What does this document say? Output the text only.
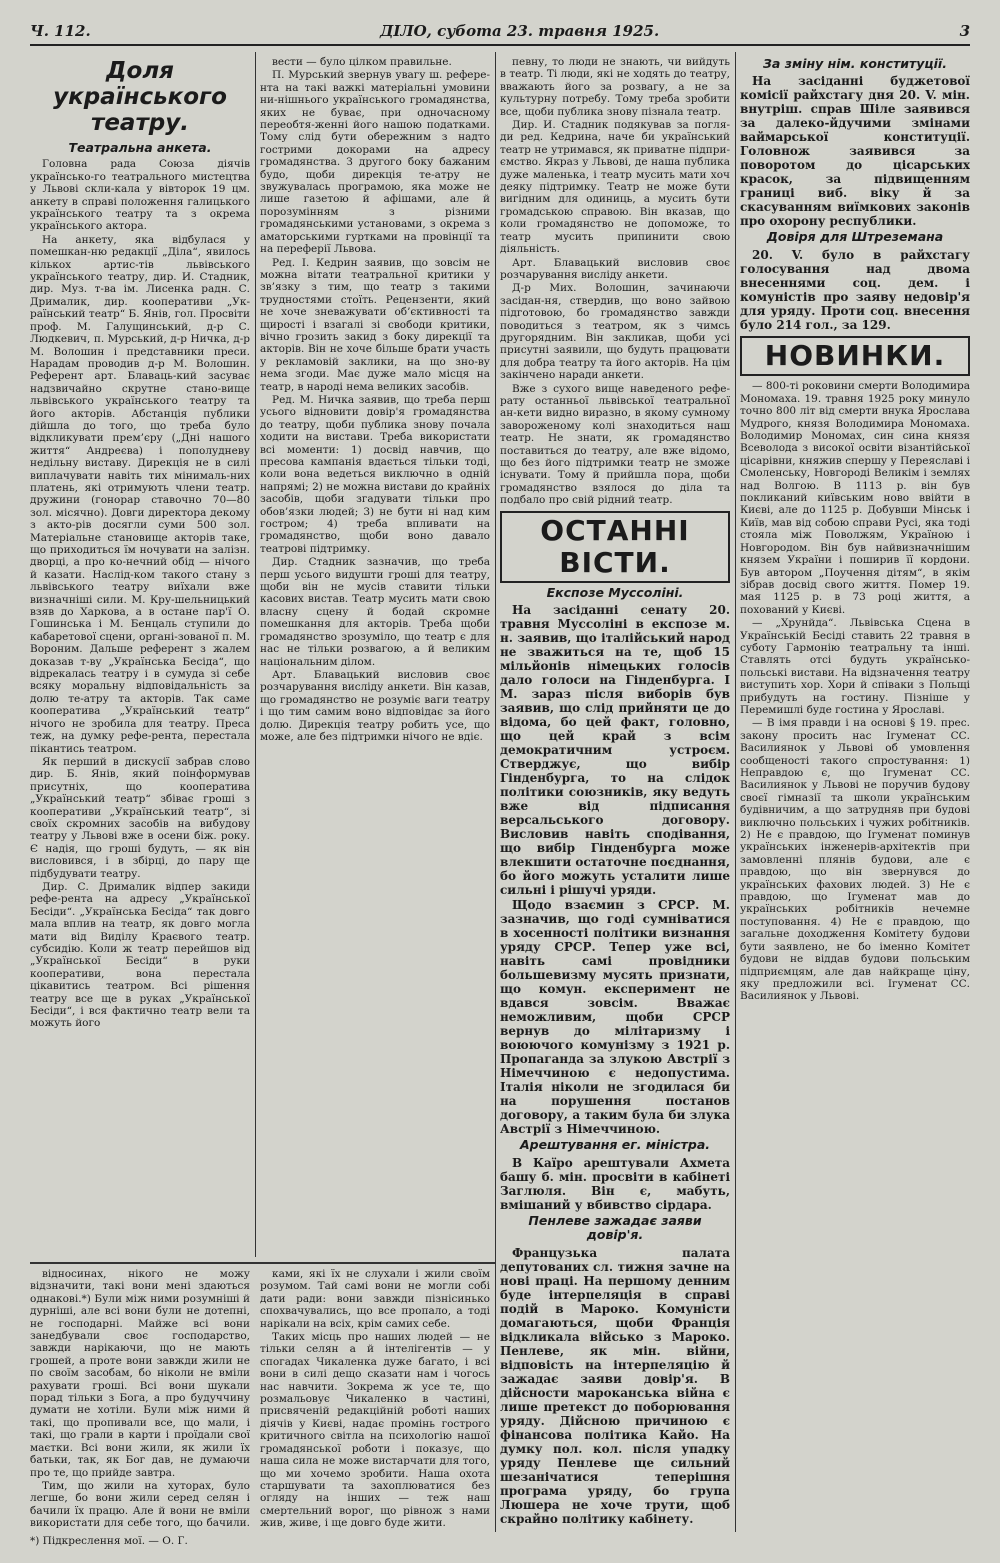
Ч. 112.	ДІЛО, субота 23. травня 1925.	3
Доля українського театру.
Театральна анкета.

Головна рада Союза діячів українсько-го театрального мистецтва у Львові скли-кала у вівторок 19 цм. анкету в справі положення галицького українського театру та з окрема українського актора.

На анкету, яка відбулася у помешкан-ню редакції „Діла“, явилось кількох артис-тів львівського українського театру, дир. И. Стадник, дир. Муз. т-ва ім. Лисенка радн. С. Дрималик, дир. кооперативи „Ук-раїнський театр“ Б. Янів, гол. Просвіти проф. М. Галущинський, д-р С. Людкевич, п. Мурський, д-р Ничка, д-р М. Волошин і представники преси. Нарадам проводив д-р М. Волошин. Референт арт. Блаваць-кий засуває надзвичайно скрутне стано-вище львівського українського театру та його акторів. Абстанція публики дійшла до того, що треба було відкликувати прем’єру („Дні нашого життя“ Андреєва) і пополудневу недільну виставу. Дирекція не в силі виплачувати навіть тих мінималь-них платень, які отримують члени театр. дружини (гонорар ставочно 70—80 зол. місячно). Довги директора декому з акто-рів досягли суми 500 зол. Матеріальне становище акторів таке, що приходиться їм ночувати на залізн. дворці, а про ко-нечний обід — нічого й казати. Наслід-ком такого стану з львівського театру виїхали вже визначніші сили. М. Кру-шельницький взяв до Харкова, а в остане пар'ї О. Гошинська і М. Бенцаль ступили до кабаретової сцени, органі-зованої п. М. Вороним. Дальше референт з жалем доказав т-ву „Українська Бесіда“, що відрекалась театру і в сумуда зі себе всяку моральну відповідальність за долю те-атру та акторів. Так саме кооператива „Український театр“ нічого не зробила для театру. Преса теж, на думку рефе-рента, перестала пікантись театром.

Як перший в дискусії забрав слово дир. Б. Янів, який поінформував присутніх, що кооператива „Український театр“ збіває гроші з кооперативи „Український театр“, зі своїх скромних засобів на вибудову театру у Львові вже в осени біж. року. Є надія, що гроші будуть, — як він висловився, і в збірці, до пару ще підбудувати театру.

Дир. С. Дрималик відпер закиди рефе-рента на адресу „Української Бесіди“. „Українська Бесіда“ так довго мала вплив на театр, як довго могла мати від Виділу Краєвого театр. субсидію. Коли ж театр перейшов від „Української Бесіди“ в руки кооперативи, вона перестала цікавитись театром. Всі рішення театру все ще в руках „Української Бесіди“, і вся фактично театр вели та можуть його

вести — було цілком правильне.

П. Мурський звернув увагу ш. рефере-нта на такі важкі матеріальні умовини ни-нішнього українського громадянства, яких не буває, при одночасному переобтя-женні його нашою податками. Тому слід бути обережним з надто гострими докорами на адресу громадянства. З другого боку бажаним будо, щоби дирекція те-атру не звужувалась програмою, яка може не лише газетою й афішами, але й порозумінням з різними громадянськими установами, з окрема з аматорськими гуртками на провінції та на переферії Львова.

Ред. І. Кедрин заявив, що зовсім не можна вітати театральної критики у зв’язку з тим, що театр з такими трудностями стоїть. Рецензенти, який не хоче зневажувати об’єктивності та щирості і взагалі зі свободи критики, вічно грозить закид з боку дирекції та акторів. Він не хоче більше брати участь у рекламовій заклики, на що зно-ву нема згоди. Має дуже мало місця на театр, в народі нема великих засобів.

Ред. М. Ничка заявив, що треба перш усього відновити довір'я громадянства до театру, щоби публика знову почала ходити на вистави. Треба використати всі моменти: 1) досвід навчив, що пресова кампанія вдається тільки тоді, коли вона ведеться виключно в одній напрямі; 2) не можна вистави до крайніх засобів, щоби згадувати тільки про обов’язки людей; 3) не бути ні над ким гостром; 4) треба впливати на громадянство, щоби воно давало театрові підтримку.

Дир. Стадник зазначив, що треба перш усього видушти гроші для театру, щоби він не мусів ставити тільки касових вистав. Театр мусить мати свою власну сцену й бодай скромне помешкання для акторів. Треба щоби громадянство зрозуміло, що театр є для нас не тільки розвагою, а й великим національним ділом.

Арт. Блавацький висловив своє розчарування висліду анкети. Він казав, що громадянство не розуміє ваги театру і що тим самим воно відповідає за його долю. Дирекція театру робить усе, що може, але без підтримки нічого не вдіє.

певну, то люди не знають, чи вийдуть в театр. Ті люди, які не ходять до театру, вважають його за розвагу, а не за культурну потребу. Тому треба зробити все, щоби публика знову пізнала театр.

Дир. И. Стадник подякував за погля-ди ред. Кедрина, наче би український театр не утримався, як приватне підпри-ємство. Якраз у Львові, де наша публика дуже маленька, і театр мусить мати хоч деяку підтримку. Театр не може бути вигідним для одиниць, а мусить бути громадською справою. Він вказав, що коли громадянство не допоможе, то театр мусить припинити свою діяльність.

Арт. Блавацький висловив своє розчарування висліду анкети.

Д-р Мих. Волошин, зачинаючи засідан-ня, ствердив, що воно зайвою підготовою, бо громадянство завжди поводиться з театром, як з чимсь другорядним. Він закликав, щоби усі присутні заявили, що будуть працювати для добра театру та його акторів. На цім закінчено наради анкети.

Вже з сухого вище наведеного рефе-рату останньої львівської театральної ан-кети видно виразно, в якому сумному завороженому колі знаходиться наш театр. Не знати, як громадянство поставиться до театру, але вже відомо, що без його підтримки театр не зможе існувати. Тому й прийшла пора, щоби громадянство взялося до діла та подбало про свій рідний театр.

ОСТАННІ ВІСТИ.
Експозе Муссоліні.

На засіданні сенату 20. травня Муссоліні в експозе м. н. заявив, що італійський народ не зважиться на те, щоб 15 мільйонів німецьких голосів дало голоси на Гінденбурга. І М. зараз після виборів був заявив, що слід прийняти це до відома, бо цей факт, головно, що цей край з всім демократичним устроєм. Стверджує, що вибір Гінденбурга, то на слідок політики союзників, яку ведуть вже від підписання версальського договору. Висловив навіть сподівання, що вибір Гінденбурга може влекшити остаточне поєднання, бо його можуть усталити лише сильні і рішучі уряди.

Щодо взаємин з СРСР. М. зазначив, що годі сумніватися в хосенності політики визнання уряду СРСР. Тепер уже всі, навіть самі провідники большевизму мусять признати, що комун. експеримент не вдався зовсім. Вважає неможливим, щоби СРСР вернув до мілітаризму і воюючого комунізму з 1921 р. Пропаганда за злукою Австрії з Німеччиною є недопустима. Італія ніколи не згодилася би на порушення постанов договору, а таким була би злука Австрії з Німеччиною.

Арештування ег. міністра.

В Каїро арештували Ахмета башу б. мін. просвіти в кабінеті Заглюля. Він є, мабуть, вмішаний у вбивство сірдара.

Пенлеве зажадає заяви довір'я.

Французька палата депутованих сл. тижня зачне на нові праці. На першому денним буде інтерпеляція в справі подій в Мароко. Комуністи домагаються, щоби Франція відкликала військо з Мароко. Пенлеве, як мін. війни, відповість на інтерпеляцію й зажадає заяви довір'я. В дійсности мароканська війна є лише претекст до поборювання уряду. Дійсною причиною є фінансова політика Кайо. На думку пол. кол. після упадку уряду Пенлеве ще сильний шезанічатися теперішня програма уряду, бо група Люшера не хоче трути, щоб скрайно політику кабінету.

За зміну нім. конституції.

На засіданні буджетової комісії райхстагу дня 20. V. мін. внутріш. справ Шіле заявився за далеко-йдучими змінами ваймарської конституції. Головнож заявився за поворотом до цісарських красок, за підвищенням границі виб. віку й за скасуванням виїмкових законів про охорону республики.

Довіря для Штреземана

20. V. було в райхстагу голосування над двома внесеннями соц. дем. і комуністів про заяву недовір'я для уряду. Проти соц. внесення було 214 гол., за 129.

НОВИНКИ.

— 800-ті роковини смерти Володимира Мономаха. 19. травня 1925 року минуло точно 800 літ від смерти внука Ярослава Мудрого, князя Володимира Мономаха. Володимир Мономах, син сина князя Всеволода з високої освіти візантійської цісарівни, княжив спершу у Переяславі і Смоленську, Новгороді Великім і землях над Волгою. В 1113 р. він був покликаний київським ново ввійти в Києві, але до 1125 р. Добувши Мінськ і Київ, мав від собою справи Русі, яка тоді стояла між Поволжям, Україною і Новгородом. Він був найвизначнішим князем України і поширив її кордони. Був автором „Поучення дітям“, в якім зібрав досвід свого життя. Помер 19. мая 1125 р. в 73 році життя, а похований у Києві.

— „Хрунйда“. Львівська Сцена в Українській Бесіді ставить 22 травня в суботу Гармонію театральну та інші. Ставлять отсі будуть українсько-польські вистави. На відзначення театру виступить хор. Хори й співаки з Польщі прибудуть на гостину. Пізніше у Перемишлі буде гостина у Ярославі.

— В імя правди і на основі § 19. прес. закону просить нас Ігуменат СС. Василиянок у Львові об умовлення сообщеності такого спростування: 1) Неправдою є, що Ігуменат СС. Василиянок у Львові не поручив будову своєї гімназії та школи українським будівничим, а що затрудняв при будові виключно польських і чужих робітників. 2) Не є правдою, що Ігуменат поминув українських інженерів-архітектів при замовленні плянів будови, але є правдою, що він звернувся до українських фахових людей. 3) Не є правдою, що Ігуменат мав до українських робітників нечемне поступовання. 4) Не є правдою, що загальне доходження Комітету будови бути заявлено, не бо іменно Комітет будови не віддав будови польським підприємцям, але дав найкраще ціну, яку предложили всі. Ігуменат СС. Василиянок у Львові.

відносинах, нікого не можу відзначити, такі вони мені здаються однакові.*) Були між ними розумніші й дурніші, але всі вони були не дотепні, не господарні. Майже всі вони занедбували своє господарство, завжди нарікаючи, що не мають грошей, а проте вони завжди жили не по своїм засобам, бо ніколи не вміли рахувати гроші. Всі вони шукали порад тільки з Бога, а про будуччину думати не хотіли. Були між ними й такі, що пропивали все, що мали, і такі, що грали в карти і проїдали свої маєтки. Всі вони жили, як жили їх батьки, так, як Бог дав, не думаючи про те, що прийде завтра.

Тим, що жили на хуторах, було легше, бо вони жили серед селян і бачили їх працю. Але й вони не вміли використати для себе того, що бачили.

ками, які їх не слухали і жили своїм розумом. Тай самі вони не могли собі дати ради: вони завжди пізнісинько спохвачувались, що все пропало, а тоді нарікали на всіх, крім самих себе.

Таких місць про наших людей — не тільки селян а й інтелігентів — у спогадах Чикаленка дуже багато, і всі вони в силі дещо сказати нам і чогось нас навчити. Зокрема ж усе те, що розмальовує Чикаленко в частині, присвяченій редакційній роботі наших діячів у Києві, надає промінь гострого критичного світла на психологію нашої громадянської роботи і показує, що наша сила не може вистарчати для того, що ми хочемо зробити. Наша охота старшувати та захоплюватися без огляду на інших — теж наш смертельний ворог, що рівнож з нами жив, живе, і ще довго буде жити.

*) Підкреслення мої. — О. Г.
